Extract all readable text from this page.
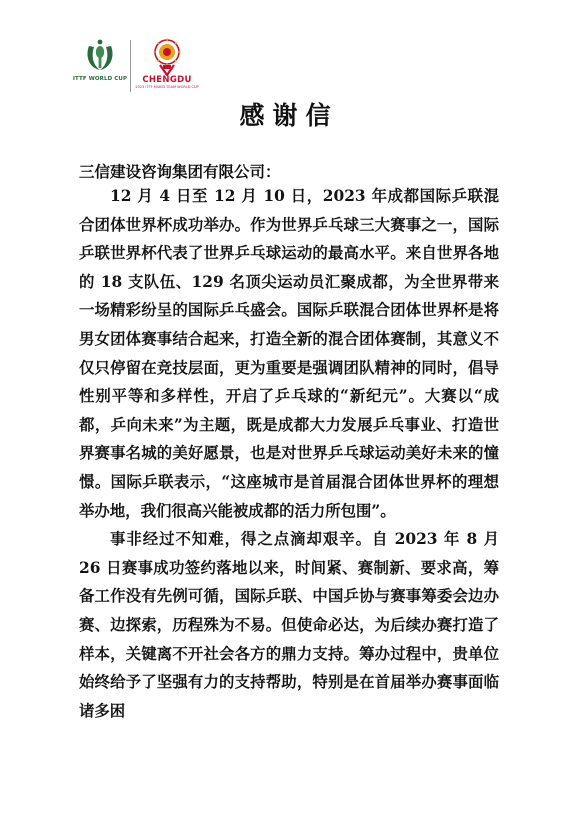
ITTF WORLD CUP CHENGDU
2023 ITTF MIXED TEAM WORLD CUP
感谢信
三信建设咨询集团有限公司：

12 月 4 日至 12 月 10 日，2023 年成都国际乒联混合团体世界杯成功举办。作为世界乒乓球三大赛事之一，国际乒联世界杯代表了世界乒乓球运动的最高水平。来自世界各地的 18 支队伍、129 名顶尖运动员汇聚成都，为全世界带来一场精彩纷呈的国际乒乓盛会。国际乒联混合团体世界杯是将男女团体赛事结合起来，打造全新的混合团体赛制，其意义不仅只停留在竞技层面，更为重要是强调团队精神的同时，倡导性别平等和多样性，开启了乒乓球的“新纪元”。大赛以“成都，乒向未来”为主题，既是成都大力发展乒乓事业、打造世界赛事名城的美好愿景，也是对世界乒乓球运动美好未来的憧憬。国际乒联表示，“这座城市是首届混合团体世界杯的理想举办地，我们很高兴能被成都的活力所包围”。

事非经过不知难，得之点滴却艰辛。自 2023 年 8 月 26 日赛事成功签约落地以来，时间紧、赛制新、要求高，筹备工作没有先例可循，国际乒联、中国乒协与赛事筹委会边办赛、边探索，历程殊为不易。但使命必达，为后续办赛打造了样本，关键离不开社会各方的鼎力支持。筹办过程中，贵单位始终给予了坚强有力的支持帮助，特别是在首届举办赛事面临诸多困
